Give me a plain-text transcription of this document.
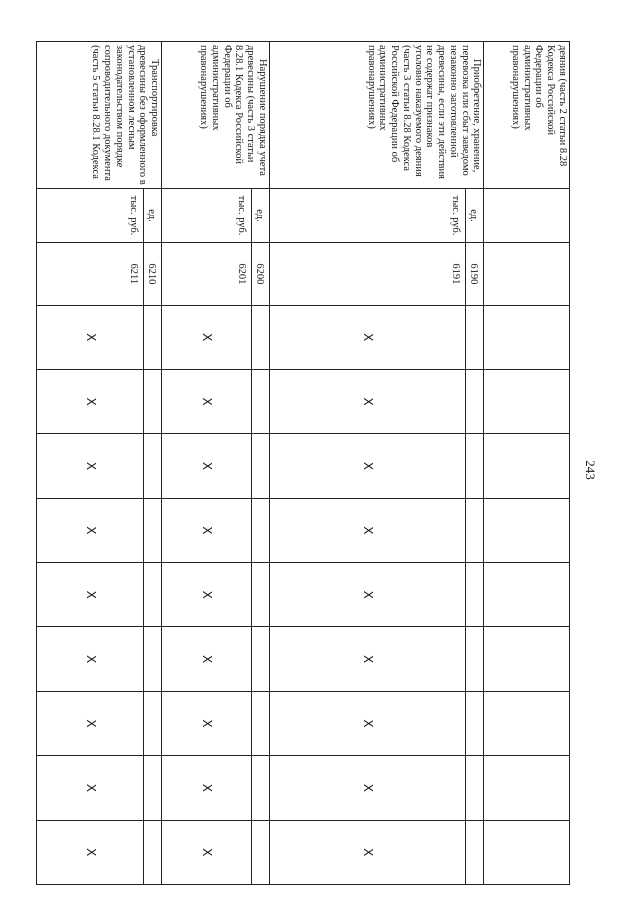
243
деяния (часть 2 статьи 8.28 Кодекса Российской Федерации об административных правонарушениях)											
Приобретение, хранение, перевозка или сбыт заведомо незаконно заготовленной древесины, если эти действия не содержат признаков уголовно наказуемого деяния (часть 3 статьи 8.28 Кодекса Российской Федерации об административных правонарушениях)	ед.	6190									
	тыс. руб.	6191	X	X	X	X	X	X	X	X	X
Нарушение порядка учета древесины (часть 3 статьи 8.28.1 Кодекса Российской Федерации об административных правонарушениях)	ед.	6200									
	тыс. руб.	6201	X	X	X	X	X	X	X	X	X
Транспортировка древесины без оформленного в установленном лесным законодательством порядке сопроводительного документа (часть 5 статьи 8.28.1 Кодекса	ед.	6210									
	тыс. руб.	6211	X	X	X	X	X	X	X	X	X
